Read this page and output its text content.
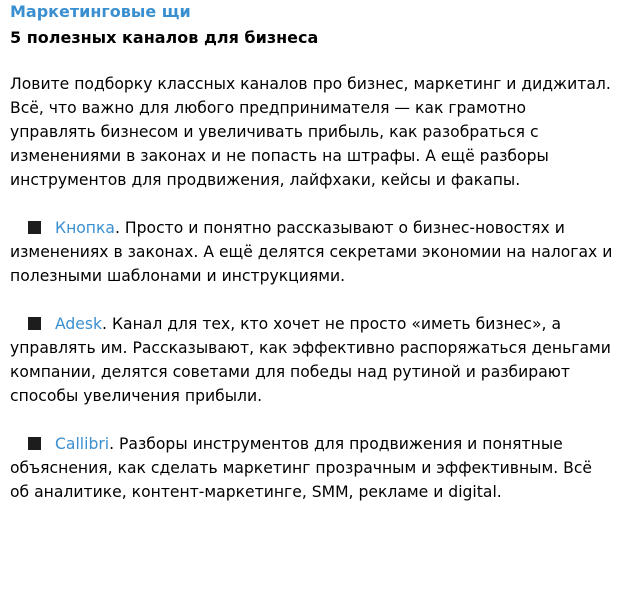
Маркетинговые щи
5 полезных каналов для бизнеса
Ловите подборку классных каналов про бизнес, маркетинг и диджитал. Всё, что важно для любого предпринимателя — как грамотно управлять бизнесом и увеличивать прибыль, как разобраться с изменениями в законах и не попасть на штрафы. А ещё разборы инструментов для продвижения, лайфхаки, кейсы и факапы.
Кнопка. Просто и понятно рассказывают о бизнес-новостях и изменениях в законах. А ещё делятся секретами экономии на налогах и полезными шаблонами и инструкциями.
Adesk. Канал для тех, кто хочет не просто «иметь бизнес», а управлять им. Рассказывают, как эффективно распоряжаться деньгами компании, делятся советами для победы над рутиной и разбирают способы увеличения прибыли.
Callibri. Разборы инструментов для продвижения и понятные объяснения, как сделать маркетинг прозрачным и эффективным. Всё об аналитике, контент-маркетинге, SMM, рекламе и digital.
